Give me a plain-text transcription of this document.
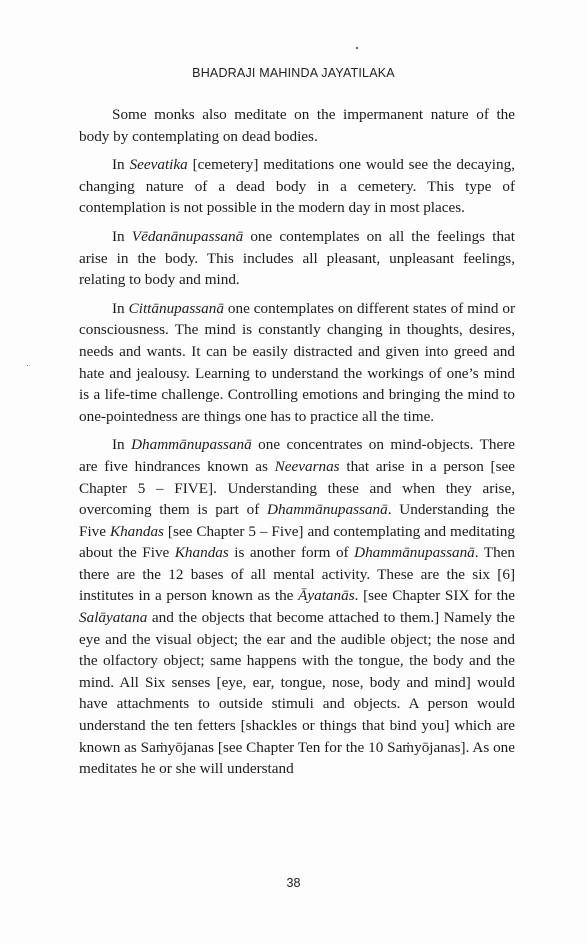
BHADRAJI MAHINDA JAYATILAKA

Some monks also meditate on the impermanent nature of the body by contemplating on dead bodies.

In Seevatika [cemetery] meditations one would see the decaying, changing nature of a dead body in a cemetery. This type of contemplation is not possible in the modern day in most places.

In Vēdanānupassanā one contemplates on all the feelings that arise in the body. This includes all pleasant, unpleasant feelings, relating to body and mind.

In Cittānupassanā one contemplates on different states of mind or consciousness. The mind is constantly changing in thoughts, desires, needs and wants. It can be easily distracted and given into greed and hate and jealousy. Learning to understand the workings of one’s mind is a life-time challenge. Controlling emotions and bringing the mind to one-pointedness are things one has to practice all the time.

In Dhammānupassanā one concentrates on mind-objects. There are five hindrances known as Neevarnas that arise in a person [see Chapter 5 – FIVE]. Understanding these and when they arise, overcoming them is part of Dhammānupassanā. Understanding the Five Khandas [see Chapter 5 – Five] and contemplating and meditating about the Five Khandas is another form of Dhammānupassanā. Then there are the 12 bases of all mental activity. These are the six [6] institutes in a person known as the Āyatanās. [see Chapter SIX for the Salāyatana and the objects that become attached to them.] Namely the eye and the visual object; the ear and the audible object; the nose and the olfactory object; same happens with the tongue, the body and the mind. All Six senses [eye, ear, tongue, nose, body and mind] would have attachments to outside stimuli and objects. A person would understand the ten fetters [shackles or things that bind you] which are known as Saṁyōjanas [see Chapter Ten for the 10 Saṁyōjanas]. As one meditates he or she will understand

38
